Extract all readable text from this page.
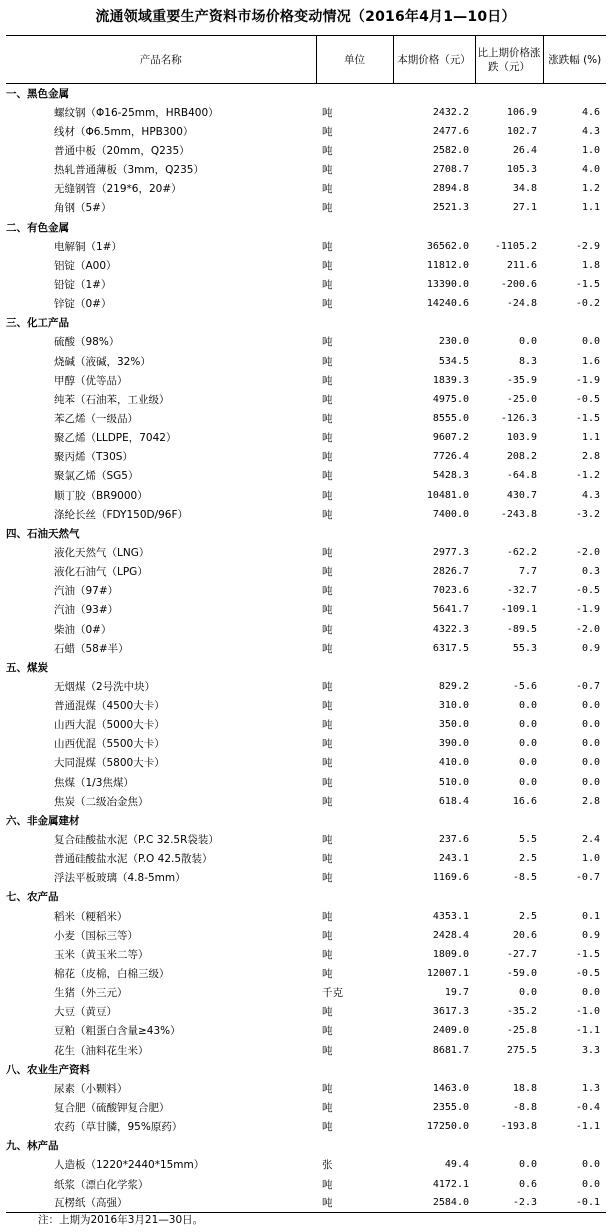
流通领域重要生产资料市场价格变动情况（2016年4月1—10日）
产品名称	单位	本期价格（元）	比上期价格涨跌（元）	涨跌幅 (%)
一、黑色金属				
螺纹钢（Φ16-25mm，HRB400）	吨	2432.2	106.9	4.6
线材（Φ6.5mm，HPB300）	吨	2477.6	102.7	4.3
普通中板（20mm，Q235）	吨	2582.0	26.4	1.0
热轧普通薄板（3mm，Q235）	吨	2708.7	105.3	4.0
无缝钢管（219*6，20#）	吨	2894.8	34.8	1.2
角钢（5#）	吨	2521.3	27.1	1.1
二、有色金属				
电解铜（1#）	吨	36562.0	-1105.2	-2.9
铝锭（A00）	吨	11812.0	211.6	1.8
铅锭（1#）	吨	13390.0	-200.6	-1.5
锌锭（0#）	吨	14240.6	-24.8	-0.2
三、化工产品				
硫酸（98%）	吨	230.0	0.0	0.0
烧碱（液碱，32%）	吨	534.5	8.3	1.6
甲醇（优等品）	吨	1839.3	-35.9	-1.9
纯苯（石油苯，工业级）	吨	4975.0	-25.0	-0.5
苯乙烯（一级品）	吨	8555.0	-126.3	-1.5
聚乙烯（LLDPE，7042）	吨	9607.2	103.9	1.1
聚丙烯（T30S）	吨	7726.4	208.2	2.8
聚氯乙烯（SG5）	吨	5428.3	-64.8	-1.2
顺丁胶（BR9000）	吨	10481.0	430.7	4.3
涤纶长丝（FDY150D/96F）	吨	7400.0	-243.8	-3.2
四、石油天然气				
液化天然气（LNG）	吨	2977.3	-62.2	-2.0
液化石油气（LPG）	吨	2826.7	7.7	0.3
汽油（97#）	吨	7023.6	-32.7	-0.5
汽油（93#）	吨	5641.7	-109.1	-1.9
柴油（0#）	吨	4322.3	-89.5	-2.0
石蜡（58#半）	吨	6317.5	55.3	0.9
五、煤炭				
无烟煤（2号洗中块）	吨	829.2	-5.6	-0.7
普通混煤（4500大卡）	吨	310.0	0.0	0.0
山西大混（5000大卡）	吨	350.0	0.0	0.0
山西优混（5500大卡）	吨	390.0	0.0	0.0
大同混煤（5800大卡）	吨	410.0	0.0	0.0
焦煤（1/3焦煤）	吨	510.0	0.0	0.0
焦炭（二级冶金焦）	吨	618.4	16.6	2.8
六、非金属建材				
复合硅酸盐水泥（P.C 32.5R袋装）	吨	237.6	5.5	2.4
普通硅酸盐水泥（P.O 42.5散装）	吨	243.1	2.5	1.0
浮法平板玻璃（4.8-5mm）	吨	1169.6	-8.5	-0.7
七、农产品				
稻米（粳稻米）	吨	4353.1	2.5	0.1
小麦（国标三等）	吨	2428.4	20.6	0.9
玉米（黄玉米二等）	吨	1809.0	-27.7	-1.5
棉花（皮棉，白棉三级）	吨	12007.1	-59.0	-0.5
生猪（外三元）	千克	19.7	0.0	0.0
大豆（黄豆）	吨	3617.3	-35.2	-1.0
豆粕（粗蛋白含量≥43%）	吨	2409.0	-25.8	-1.1
花生（油料花生米）	吨	8681.7	275.5	3.3
八、农业生产资料				
尿素（小颗料）	吨	1463.0	18.8	1.3
复合肥（硫酸钾复合肥）	吨	2355.0	-8.8	-0.4
农药（草甘膦，95%原药）	吨	17250.0	-193.8	-1.1
九、林产品				
人造板（1220*2440*15mm）	张	49.4	0.0	0.0
纸浆（漂白化学浆）	吨	4172.1	0.6	0.0
瓦楞纸（高强）	吨	2584.0	-2.3	-0.1
注：上期为2016年3月21—30日。
